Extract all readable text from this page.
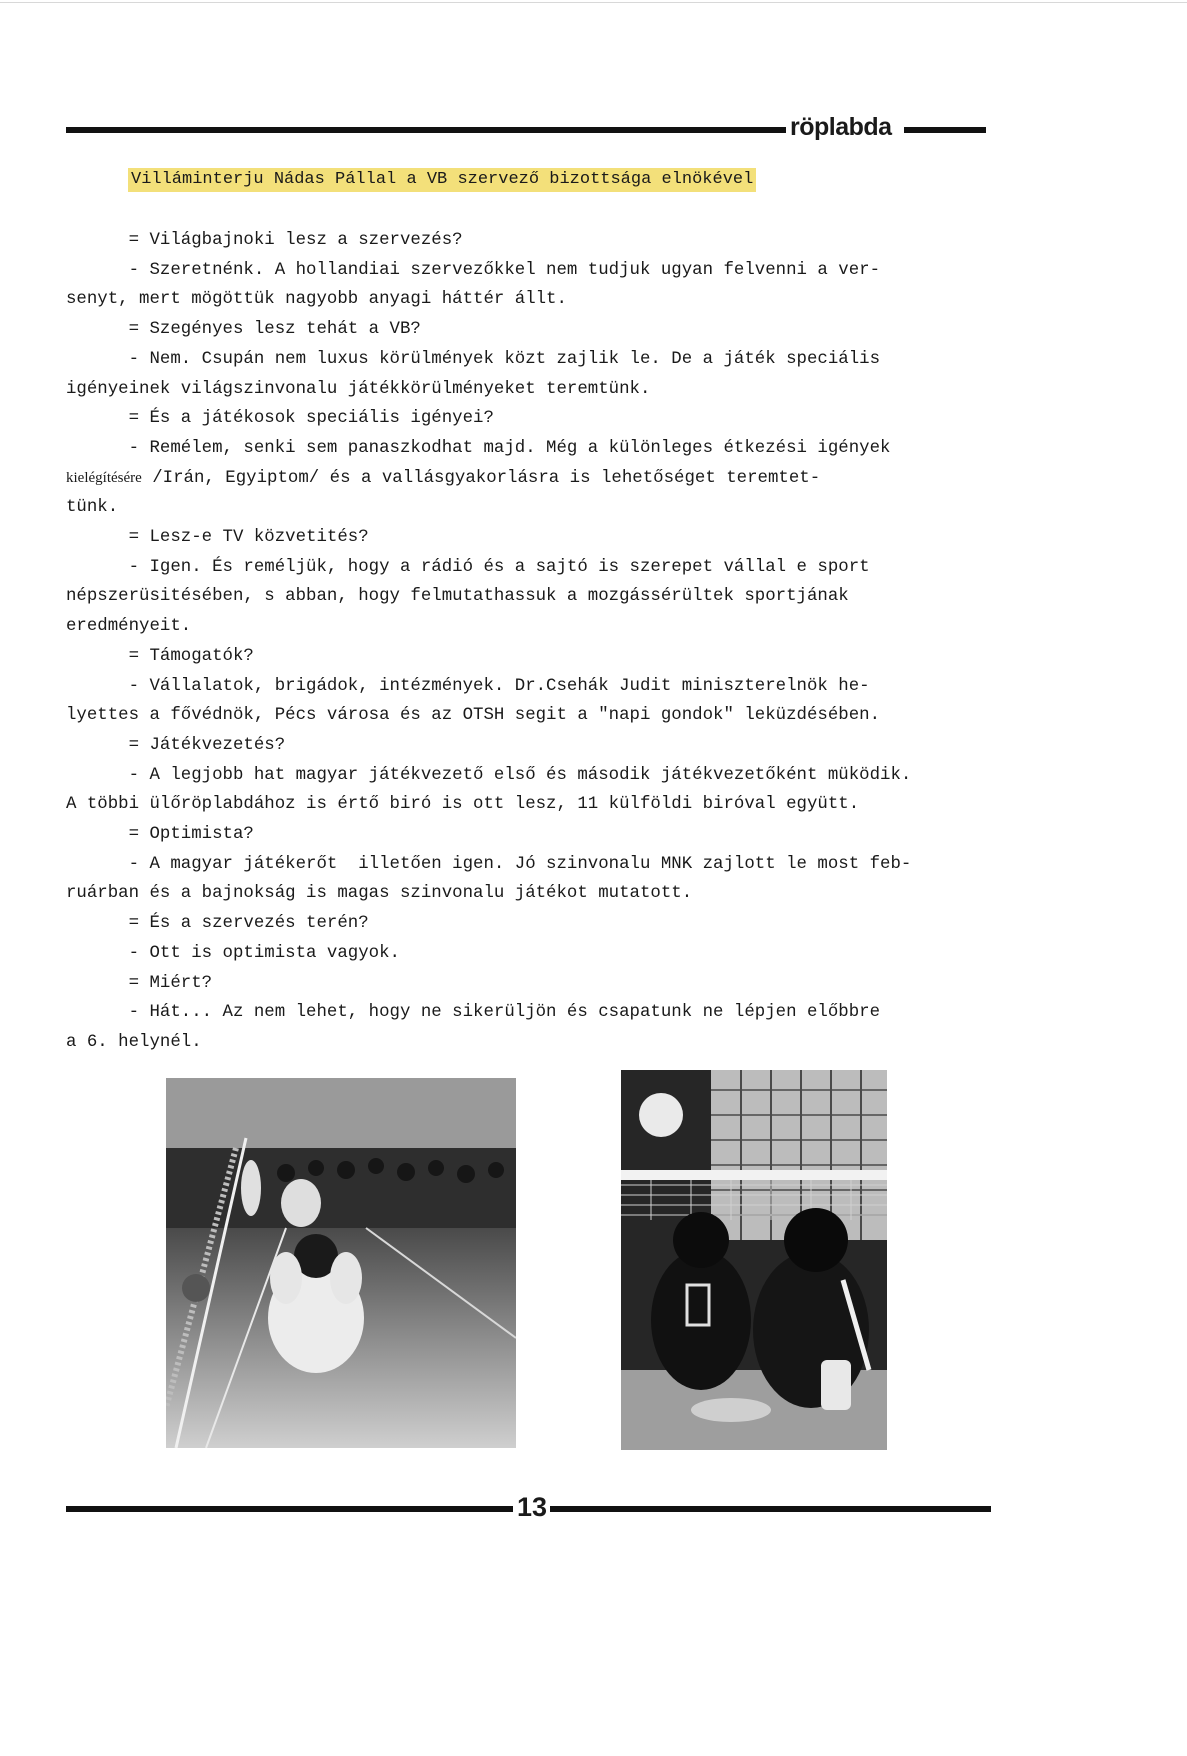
röplabda
Villáminterju Nádas Pállal a VB szervező bizottsága elnökével

= Világbajnoki lesz a szervezés?

- Szeretnénk. A hollandiai szervezőkkel nem tudjuk ugyan felvenni a ver-
senyt, mert mögöttük nagyobb anyagi háttér állt.

= Szegényes lesz tehát a VB?

- Nem. Csupán nem luxus körülmények közt zajlik le. De a játék speciális
igényeinek világszinvonalu játékkörülményeket teremtünk.

= És a játékosok speciális igényei?

- Remélem, senki sem panaszkodhat majd. Még a különleges étkezési igények

kielégítésére /Irán, Egyiptom/ és a vallásgyakorlásra is lehetőséget teremtet-
tünk.

= Lesz-e TV közvetités?

- Igen. És reméljük, hogy a rádió és a sajtó is szerepet vállal e sport
népszerüsitésében, s abban, hogy felmutathassuk a mozgássérültek sportjának
eredményeit.

= Támogatók?

- Vállalatok, brigádok, intézmények. Dr.Csehák Judit miniszterelnök he-
lyettes a fővédnök, Pécs városa és az OTSH segit a "napi gondok" leküzdésében.

= Játékvezetés?

- A legjobb hat magyar játékvezető első és második játékvezetőként müködik.
A többi ülőröplabdához is értő biró is ott lesz, 11 külföldi biróval együtt.

= Optimista?

- A magyar játékerőt  illetően igen. Jó szinvonalu MNK zajlott le most feb-
ruárban és a bajnokság is magas szinvonalu játékot mutatott.

= És a szervezés terén?

- Ott is optimista vagyok.

= Miért?

- Hát... Az nem lehet, hogy ne sikerüljön és csapatunk ne lépjen előbbre
a 6. helynél.

13
